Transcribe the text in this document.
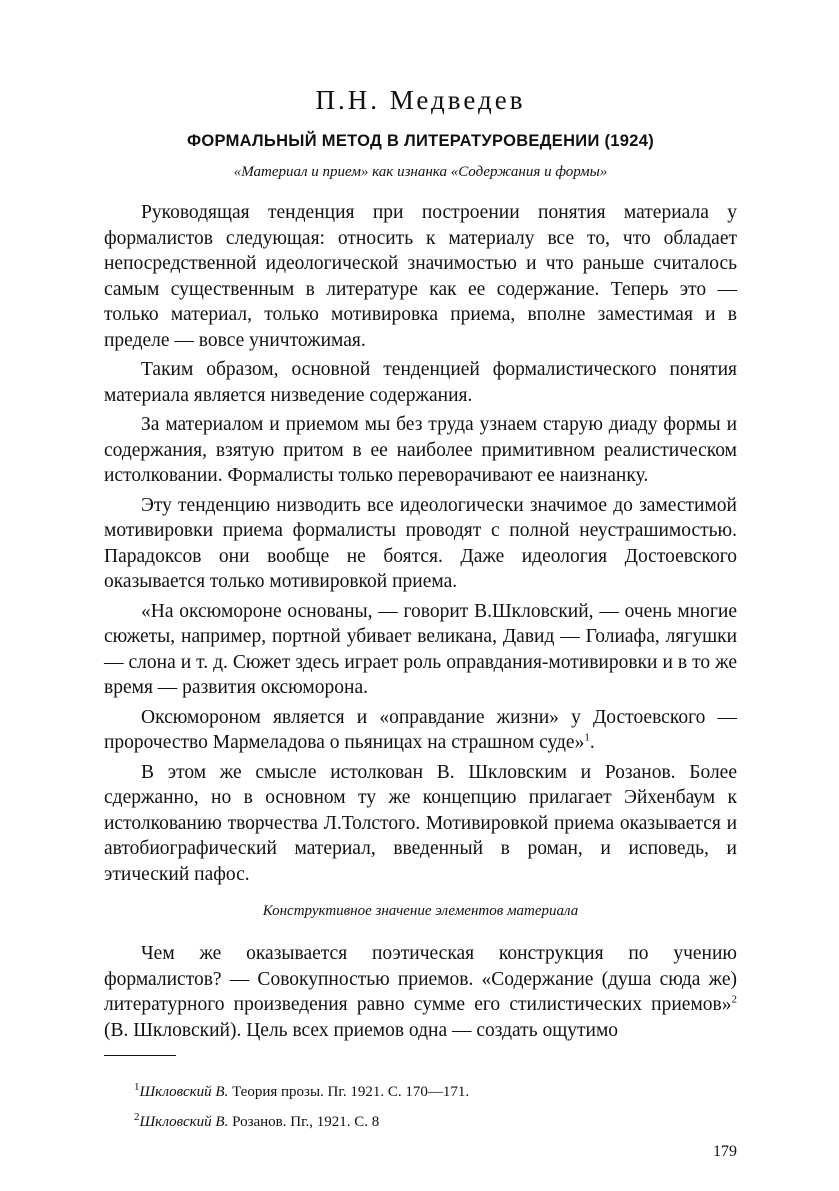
П.Н. Медведев
ФОРМАЛЬНЫЙ МЕТОД В ЛИТЕРАТУРОВЕДЕНИИ (1924)
«Материал и прием» как изнанка «Содержания и формы»

Руководящая тенденция при построении понятия материала у формалистов следующая: относить к материалу все то, что обладает непосредственной идеологической значимостью и что раньше считалось самым существенным в литературе как ее содержание. Теперь это — только материал, только мотивировка приема, вполне заместимая и в пределе — вовсе уничтожимая.

Таким образом, основной тенденцией формалистического понятия материала является низведение содержания.

За материалом и приемом мы без труда узнаем старую диаду формы и содержания, взятую притом в ее наиболее примитивном реалистическом истолковании. Формалисты только переворачивают ее наизнанку.

Эту тенденцию низводить все идеологически значимое до заместимой мотивировки приема формалисты проводят с полной неустрашимостью. Парадоксов они вообще не боятся. Даже идеология Достоевского оказывается только мотивировкой приема.

«На оксюмороне основаны, — говорит В.Шкловский, — очень многие сюжеты, например, портной убивает великана, Давид — Голиафа, лягушки — слона и т. д. Сюжет здесь играет роль оправдания-мотивировки и в то же время — развития оксюморона.

Оксюмороном является и «оправдание жизни» у Достоевского — пророчество Мармеладова о пьяницах на страшном суде»$^1$.

В этом же смысле истолкован В. Шкловским и Розанов. Более сдержанно, но в основном ту же концепцию прилагает Эйхенбаум к истолкованию творчества Л.Толстого. Мотивировкой приема оказывается и автобиографический материал, введенный в роман, и исповедь, и этический пафос.

Конструктивное значение элементов материала

Чем же оказывается поэтическая конструкция по учению формалистов? — Совокупностью приемов. «Содержание (душа сюда же) литературного произведения равно сумме его стилистических приемов»$^2$ (В. Шкловский). Цель всех приемов одна — создать ощутимо

$^1$Шкловский В. Теория прозы. Пг. 1921. С. 170—171.
$^2$Шкловский В. Розанов. Пг., 1921. С. 8
179
